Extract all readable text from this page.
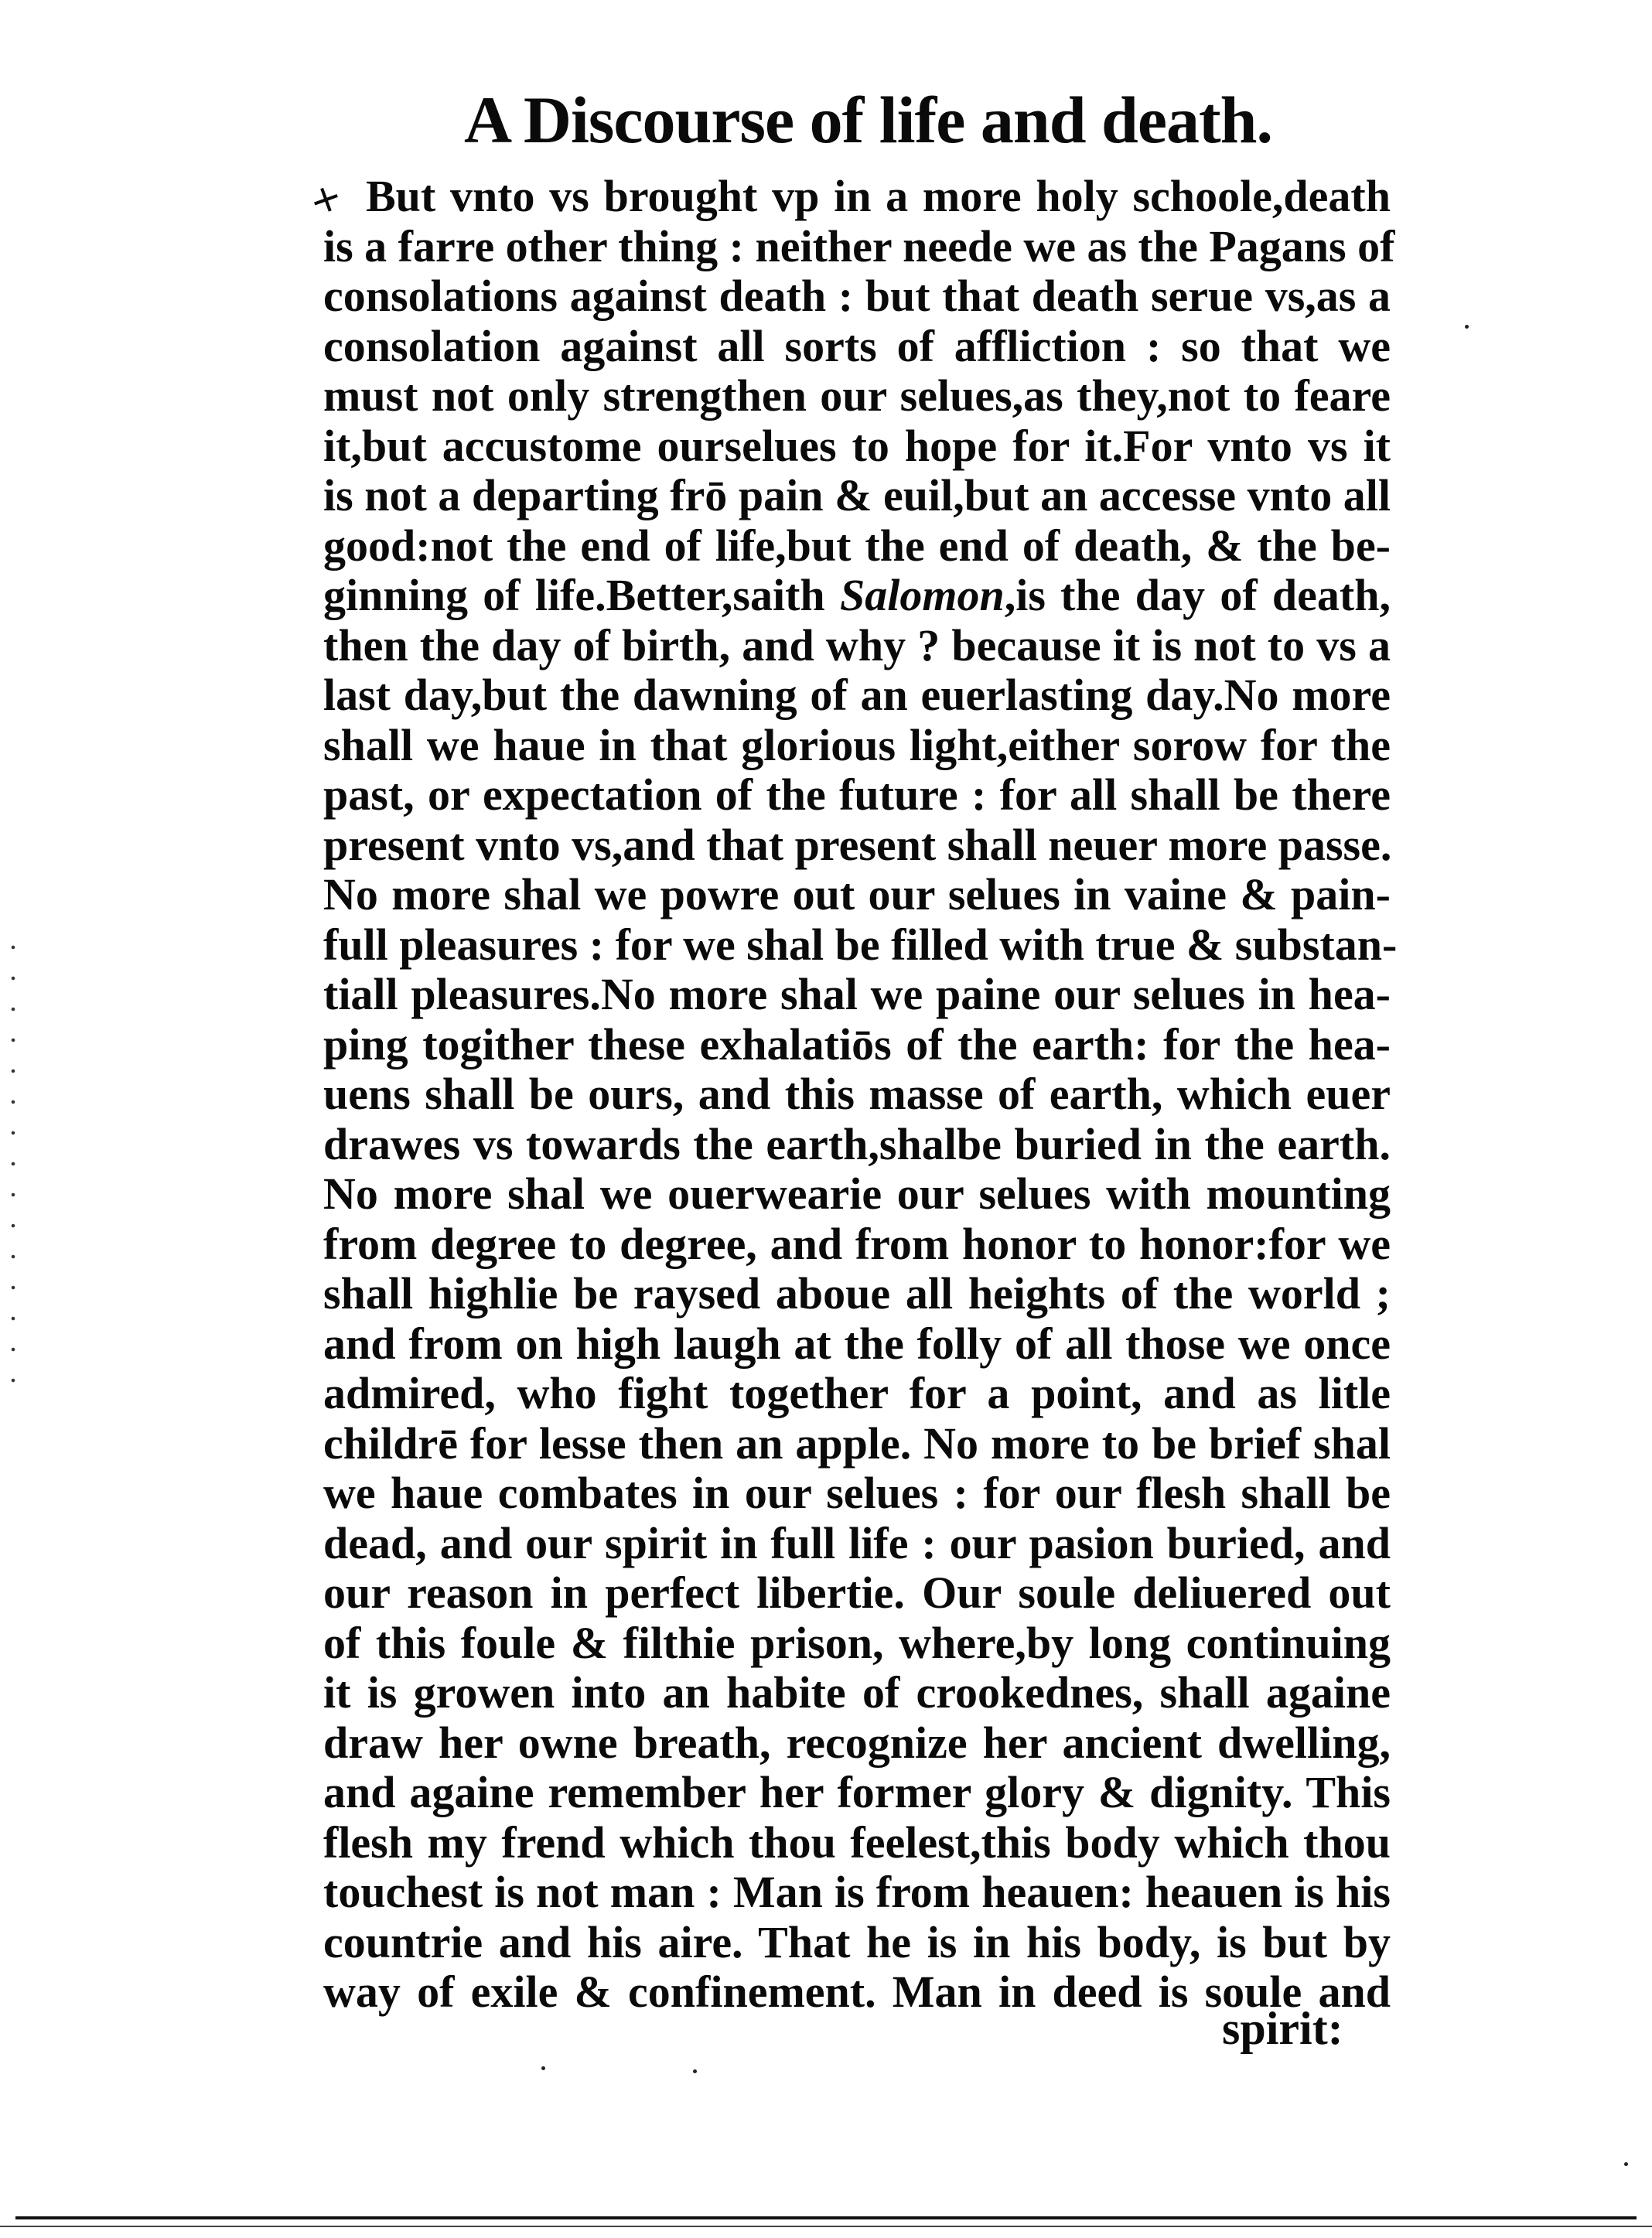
A Discourse of life and death.
+ But vnto vs brought vp in a more holy schoole,death
is a farre other thing : neither neede we as the Pagans of
consolations against death : but that death serue vs,as a
consolation against all sorts of affliction : so that we
must not only strengthen our selues,as they,not to feare
it,but accustome ourselues to hope for it.For vnto vs it
is not a departing frō pain & euil,but an accesse vnto all
good:not the end of life,but the end of death, & the be-
ginning of life.Better,saith Salomon,is the day of death,
then the day of birth, and why ? because it is not to vs a
last day,but the dawning of an euerlasting day.No more
shall we haue in that glorious light,either sorow for the
past, or expectation of the future : for all shall be there
present vnto vs,and that present shall neuer more passe.
No more shal we powre out our selues in vaine & pain-
full pleasures : for we shal be filled with true & substan-
tiall pleasures.No more shal we paine our selues in hea-
ping togither these exhalatiōs of the earth: for the hea-
uens shall be ours, and this masse of earth, which euer
drawes vs towards the earth,shalbe buried in the earth.
No more shal we ouerwearie our selues with mounting
from degree to degree, and from honor to honor:for we
shall highlie be raysed aboue all heights of the world ;
and from on high laugh at the folly of all those we once
admired, who fight together for a point, and as litle
childrē for lesse then an apple. No more to be brief shal
we haue combates in our selues : for our flesh shall be
dead, and our spirit in full life : our pasion buried, and
our reason in perfect libertie. Our soule deliuered out
of this foule & filthie prison, where,by long continuing
it is growen into an habite of crookednes, shall againe
draw her owne breath, recognize her ancient dwelling,
and againe remember her former glory & dignity. This
flesh my frend which thou feelest,this body which thou
touchest is not man : Man is from heauen: heauen is his
countrie and his aire. That he is in his body, is but by
way of exile & confinement. Man in deed is soule and
spirit:
